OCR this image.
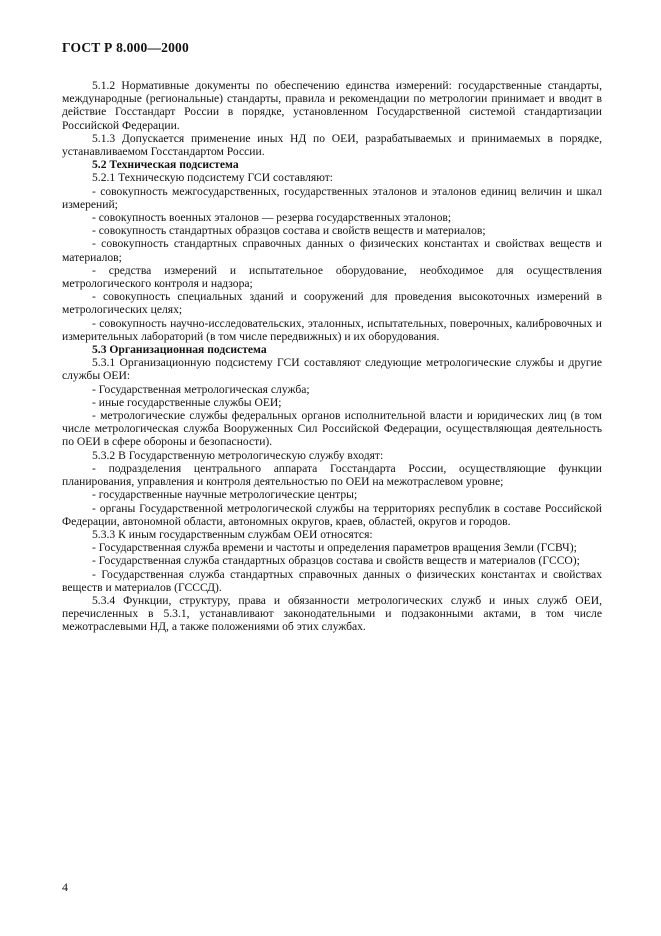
ГОСТ Р 8.000—2000

5.1.2 Нормативные документы по обеспечению единства измерений: государственные стандарты, международные (региональные) стандарты, правила и рекомендации по метрологии принимает и вводит в действие Госстандарт России в порядке, установленном Государственной системой стандартизации Российской Федерации.

5.1.3 Допускается применение иных НД по ОЕИ, разрабатываемых и принимаемых в порядке, устанавливаемом Госстандартом России.

5.2 Техническая подсистема

5.2.1 Техническую подсистему ГСИ составляют:

- совокупность межгосударственных, государственных эталонов и эталонов единиц величин и шкал измерений;

- совокупность военных эталонов — резерва государственных эталонов;

- совокупность стандартных образцов состава и свойств веществ и материалов;

- совокупность стандартных справочных данных о физических константах и свойствах веществ и материалов;

- средства измерений и испытательное оборудование, необходимое для осуществления метрологического контроля и надзора;

- совокупность специальных зданий и сооружений для проведения высокоточных измерений в метрологических целях;

- совокупность научно-исследовательских, эталонных, испытательных, поверочных, калибровочных и измерительных лабораторий (в том числе передвижных) и их оборудования.

5.3 Организационная подсистема

5.3.1 Организационную подсистему ГСИ составляют следующие метрологические службы и другие службы ОЕИ:

- Государственная метрологическая служба;

- иные государственные службы ОЕИ;

- метрологические службы федеральных органов исполнительной власти и юридических лиц (в том числе метрологическая служба Вооруженных Сил Российской Федерации, осуществляющая деятельность по ОЕИ в сфере обороны и безопасности).

5.3.2 В Государственную метрологическую службу входят:

- подразделения центрального аппарата Госстандарта России, осуществляющие функции планирования, управления и контроля деятельностью по ОЕИ на межотраслевом уровне;

- государственные научные метрологические центры;

- органы Государственной метрологической службы на территориях республик в составе Российской Федерации, автономной области, автономных округов, краев, областей, округов и городов.

5.3.3 К иным государственным службам ОЕИ относятся:

- Государственная служба времени и частоты и определения параметров вращения Земли (ГСВЧ);

- Государственная служба стандартных образцов состава и свойств веществ и материалов (ГССО);

- Государственная служба стандартных справочных данных о физических константах и свойствах веществ и материалов (ГСССД).

5.3.4 Функции, структуру, права и обязанности метрологических служб и иных служб ОЕИ, перечисленных в 5.3.1, устанавливают законодательными и подзаконными актами, в том числе межотраслевыми НД, а также положениями об этих службах.

4
